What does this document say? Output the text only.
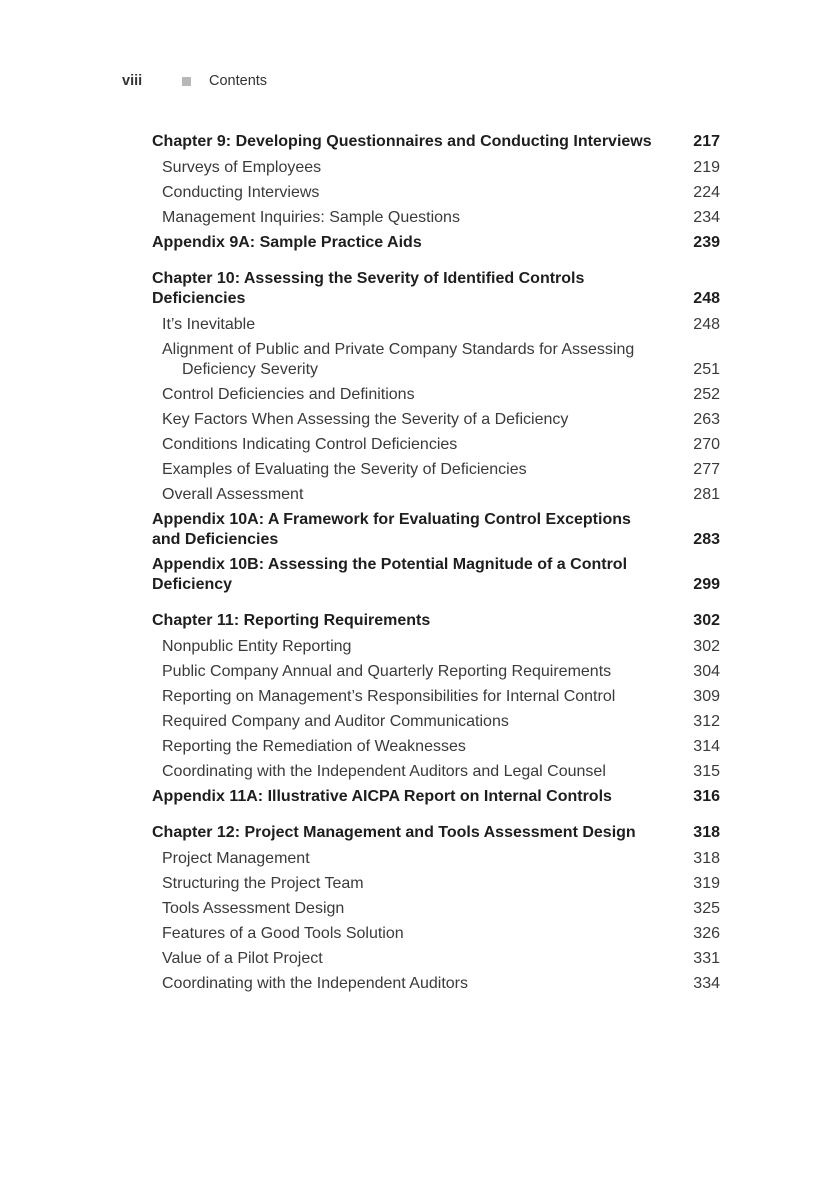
viii	Contents
Chapter 9: Developing Questionnaires and Conducting Interviews	217
Surveys of Employees	219
Conducting Interviews	224
Management Inquiries: Sample Questions	234
Appendix 9A: Sample Practice Aids	239
Chapter 10: Assessing the Severity of Identified Controls Deficiencies	248
It’s Inevitable	248
Alignment of Public and Private Company Standards for Assessing Deficiency Severity	251
Control Deficiencies and Definitions	252
Key Factors When Assessing the Severity of a Deficiency	263
Conditions Indicating Control Deficiencies	270
Examples of Evaluating the Severity of Deficiencies	277
Overall Assessment	281
Appendix 10A: A Framework for Evaluating Control Exceptions and Deficiencies	283
Appendix 10B: Assessing the Potential Magnitude of a Control Deficiency	299
Chapter 11: Reporting Requirements	302
Nonpublic Entity Reporting	302
Public Company Annual and Quarterly Reporting Requirements	304
Reporting on Management’s Responsibilities for Internal Control	309
Required Company and Auditor Communications	312
Reporting the Remediation of Weaknesses	314
Coordinating with the Independent Auditors and Legal Counsel	315
Appendix 11A: Illustrative AICPA Report on Internal Controls	316
Chapter 12: Project Management and Tools Assessment Design	318
Project Management	318
Structuring the Project Team	319
Tools Assessment Design	325
Features of a Good Tools Solution	326
Value of a Pilot Project	331
Coordinating with the Independent Auditors	334
